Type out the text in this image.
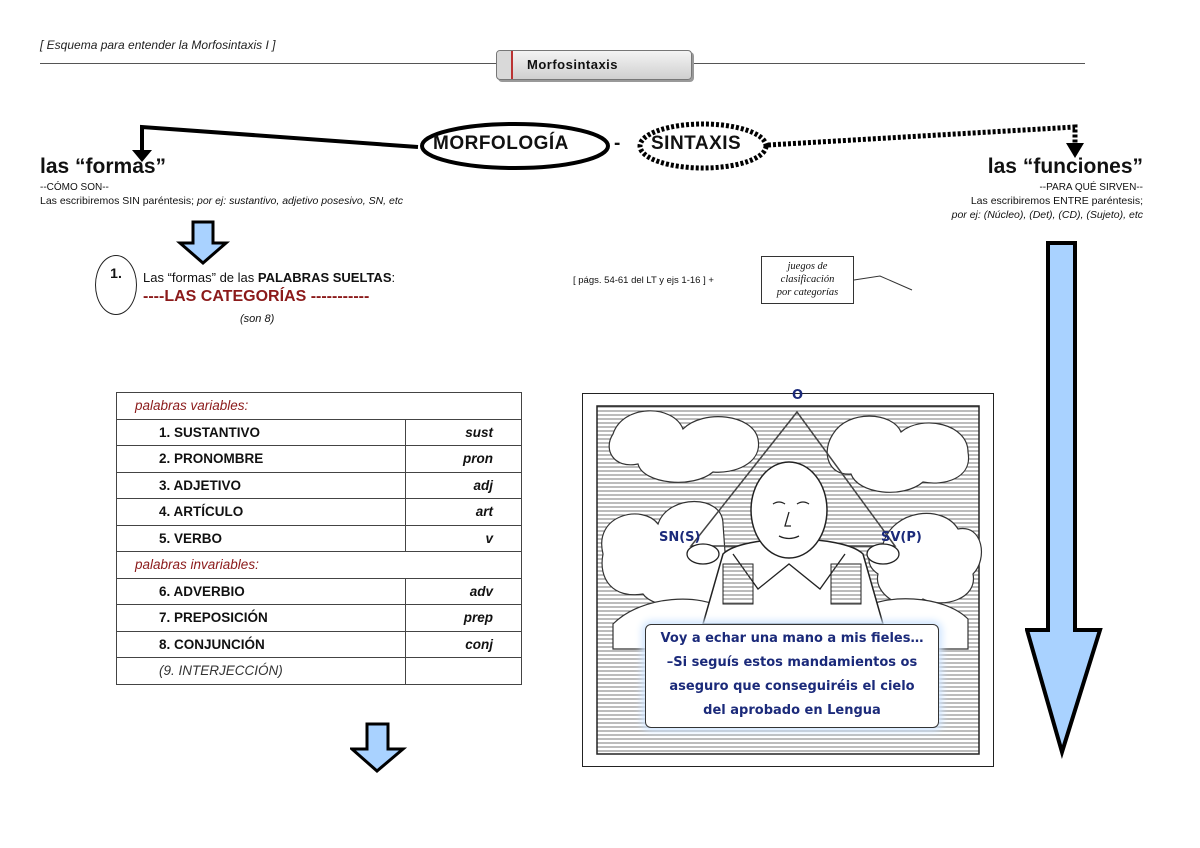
[ Esquema para entender la Morfosintaxis I ]
Morfosintaxis
MORFOLOGÍA - SINTAXIS
las “formas”
--CÓMO SON--
Las escribiremos SIN paréntesis; por ej: sustantivo, adjetivo posesivo, SN, etc
las “funciones”
--PARA QUÉ SIRVEN--
Las escribiremos ENTRE paréntesis;
por ej: (Núcleo), (Det), (CD), (Sujeto), etc
1.	Las “formas” de las PALABRAS SUELTAS:
----LAS CATEGORÍAS -----------
(son 8)
[ págs. 54-61 del LT y ejs 1-16 ] +
juegos de
clasificación
por categorías
palabras variables:	
1. SUSTANTIVO	sust
2. PRONOMBRE	pron
3. ADJETIVO	adj
4. ARTÍCULO	art
5. VERBO	v
palabras invariables:	
6. ADVERBIO	adv
7. PREPOSICIÓN	prep
8. CONJUNCIÓN	conj
(9. INTERJECCIÓN)	
O
SN(S)	SV(P)
Voy a echar una mano a mis fieles…
–Si seguís estos mandamientos os
aseguro que conseguiréis el cielo
del aprobado en Lengua
